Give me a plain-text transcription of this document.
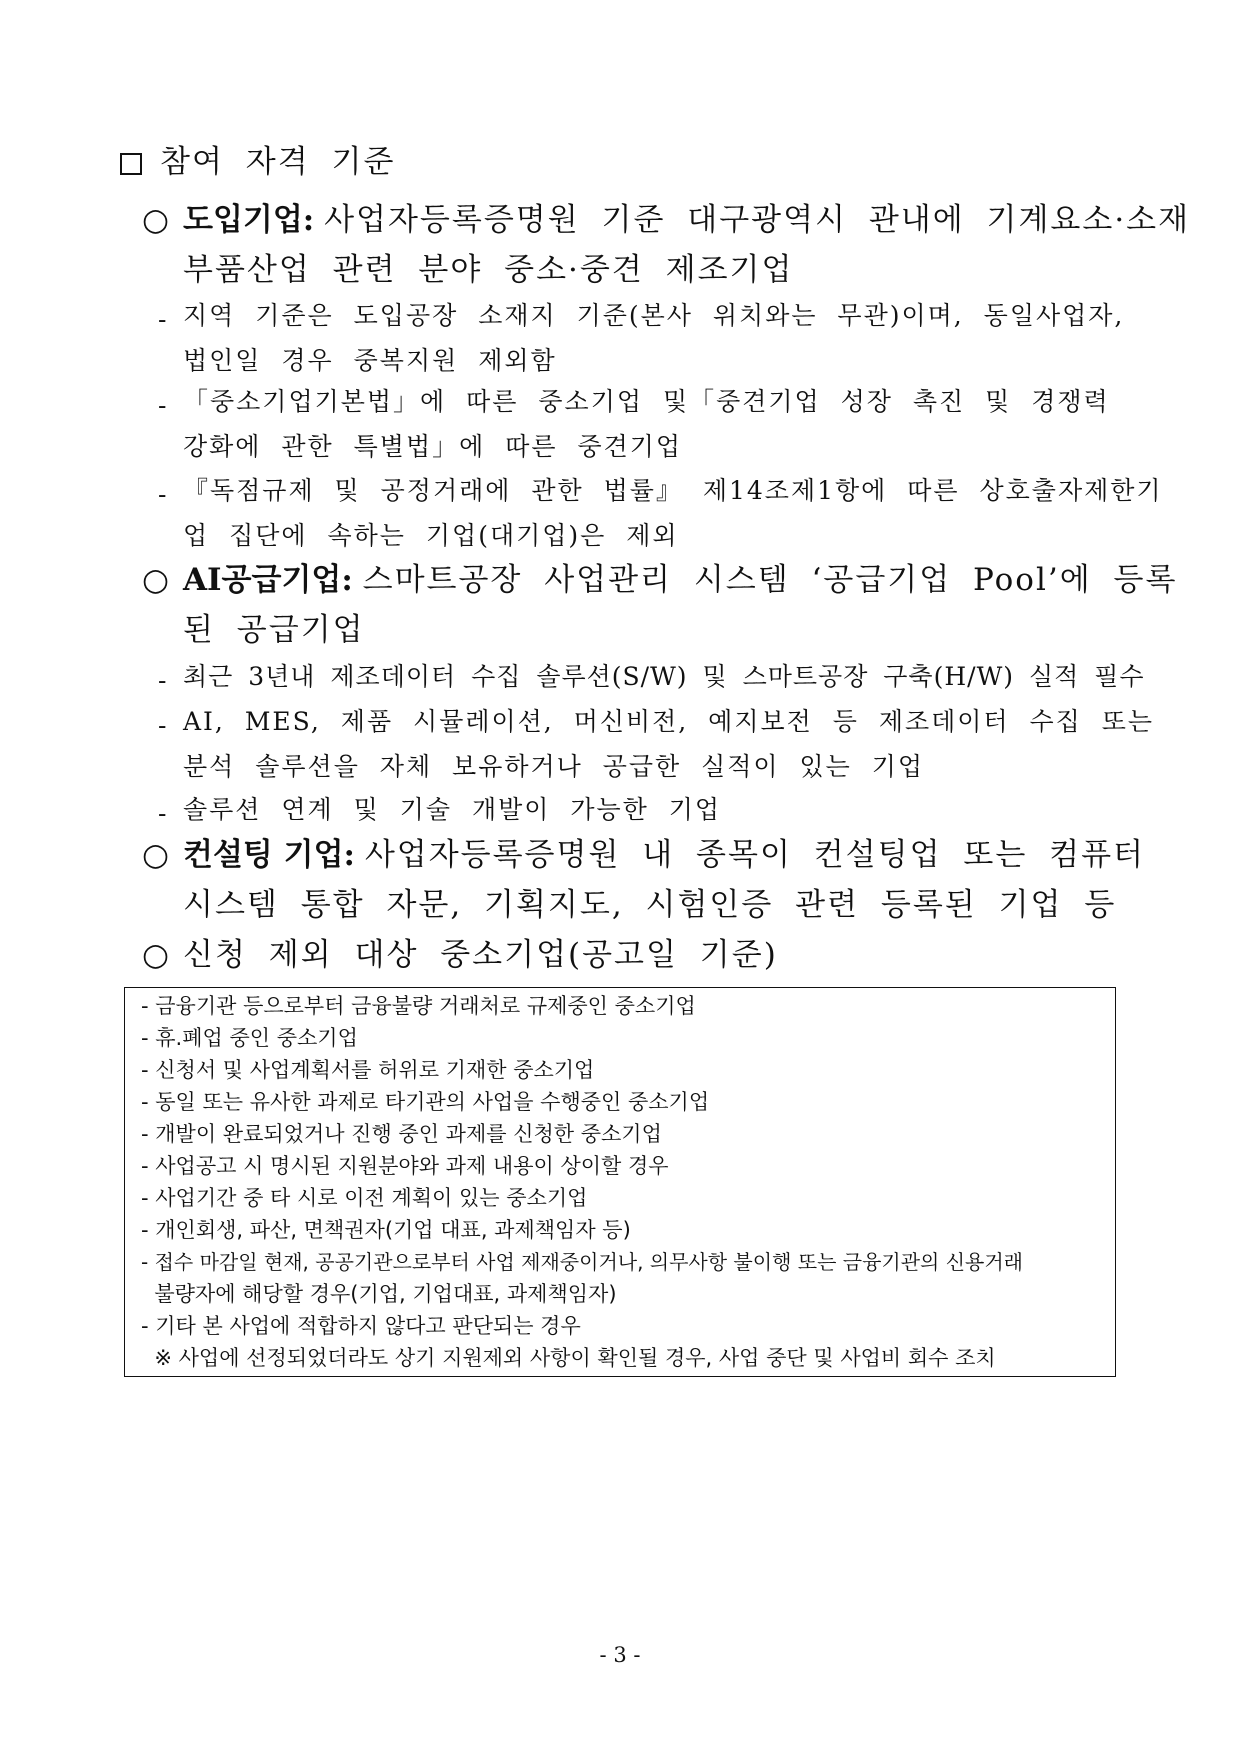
참여 자격 기준
○ 도입기업: 사업자등록증명원 기준 대구광역시 관내에 기계요소·소재
부품산업 관련 분야 중소·중견 제조기업
- 지역 기준은 도입공장 소재지 기준(본사 위치와는 무관)이며, 동일사업자,
법인일 경우 중복지원 제외함
- 「중소기업기본법」에 따른 중소기업 및「중견기업 성장 촉진 및 경쟁력
강화에 관한 특별법」에 따른 중견기업
- 『독점규제 및 공정거래에 관한 법률』 제14조제1항에 따른 상호출자제한기
업 집단에 속하는 기업(대기업)은 제외
○ AI공급기업: 스마트공장 사업관리 시스템 ‘공급기업 Pool’에 등록
된 공급기업
- 최근 3년내 제조데이터 수집 솔루션(S/W) 및 스마트공장 구축(H/W) 실적 필수
- AI, MES, 제품 시뮬레이션, 머신비전, 예지보전 등 제조데이터 수집 또는
분석 솔루션을 자체 보유하거나 공급한 실적이 있는 기업
- 솔루션 연계 및 기술 개발이 가능한 기업
○ 컨설팅 기업: 사업자등록증명원 내 종목이 컨설팅업 또는 컴퓨터
시스템 통합 자문, 기획지도, 시험인증 관련 등록된 기업 등
○ 신청 제외 대상 중소기업(공고일 기준)
- 금융기관 등으로부터 금융불량 거래처로 규제중인 중소기업
- 휴.폐업 중인 중소기업
- 신청서 및 사업계획서를 허위로 기재한 중소기업
- 동일 또는 유사한 과제로 타기관의 사업을 수행중인 중소기업
- 개발이 완료되었거나 진행 중인 과제를 신청한 중소기업
- 사업공고 시 명시된 지원분야와 과제 내용이 상이할 경우
- 사업기간 중 타 시로 이전 계획이 있는 중소기업
- 개인회생, 파산, 면책권자(기업 대표, 과제책임자 등)
- 접수 마감일 현재, 공공기관으로부터 사업 제재중이거나, 의무사항 불이행 또는 금융기관의 신용거래
불량자에 해당할 경우(기업, 기업대표, 과제책임자)
- 기타 본 사업에 적합하지 않다고 판단되는 경우
※ 사업에 선정되었더라도 상기 지원제외 사항이 확인될 경우, 사업 중단 및 사업비 회수 조치
- 3 -
